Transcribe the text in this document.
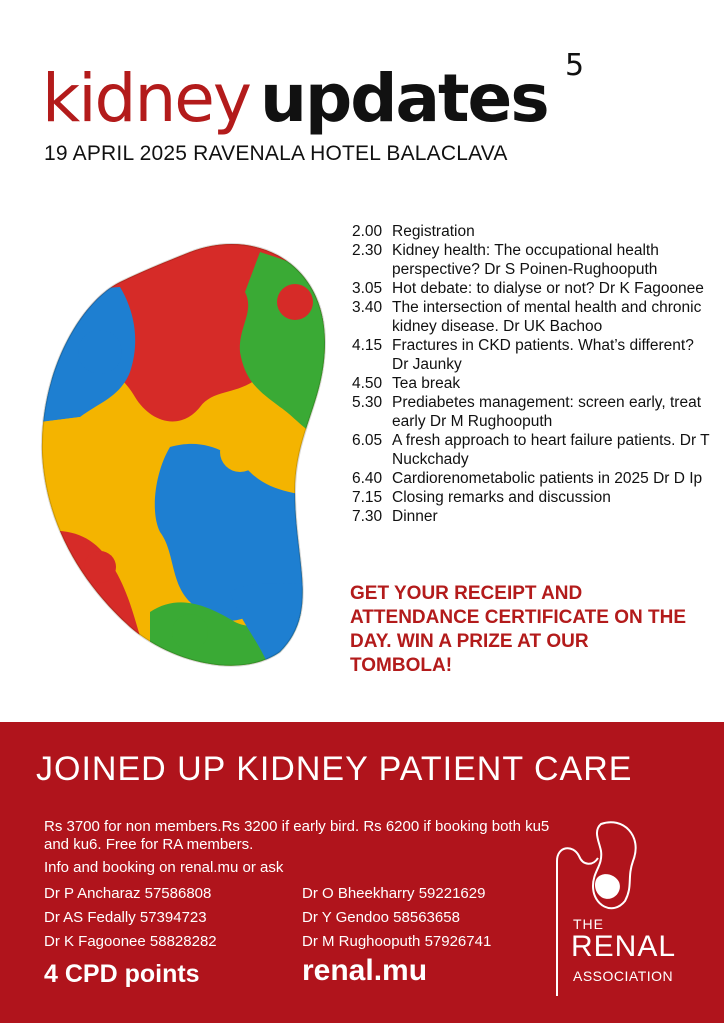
kidney updates 5
19 APRIL 2025 RAVENALA HOTEL BALACLAVA
2.00 Registration
2.30 Kidney health: The occupational health perspective? Dr S Poinen-Rughooputh
3.05 Hot debate: to dialyse or not? Dr K Fagoonee
3.40 The intersection of mental health and chronic kidney disease. Dr UK Bachoo
4.15 Fractures in CKD patients. What’s different? Dr Jaunky
4.50 Tea break
5.30 Prediabetes management: screen early, treat early Dr M Rughooputh
6.05 A fresh approach to heart failure patients. Dr T Nuckchady
6.40 Cardiorenometabolic patients in 2025 Dr D Ip
7.15 Closing remarks and discussion
7.30 Dinner
GET YOUR RECEIPT AND ATTENDANCE CERTIFICATE ON THE DAY. WIN A PRIZE AT OUR TOMBOLA!
JOINED UP KIDNEY PATIENT CARE
Rs 3700 for non members.Rs 3200 if early bird. Rs 6200 if booking both ku5 and ku6. Free for RA members.
Info and booking on renal.mu or ask
Dr P Ancharaz 57586808	Dr O Bheekharry 59221629
Dr AS Fedally 57394723	Dr Y Gendoo 58563658
Dr K Fagoonee 58828282	Dr M Rughooputh 57926741
4 CPD points	renal.mu
THE
RENAL
ASSOCIATION
